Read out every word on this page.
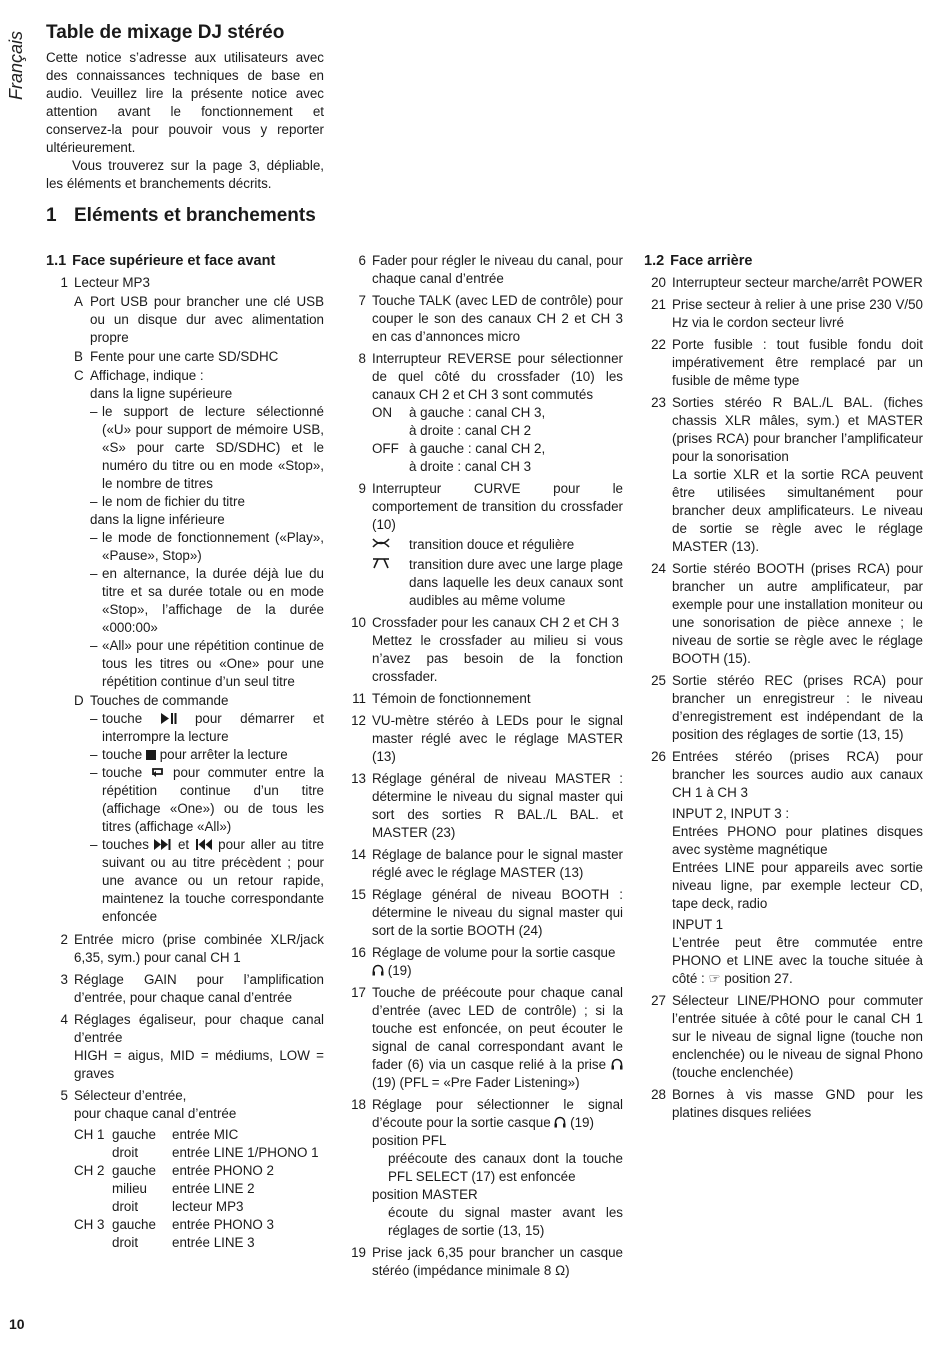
Français Table de mixage DJ stéréo

Cette notice s’adresse aux utilisateurs avec des connaissances techniques de base en audio. Veuillez lire la présente notice avec attention avant le fonctionnement et conservez-la pour pouvoir vous y reporter ultérieurement.

Vous trouverez sur la page 3, dépliable, les éléments et branchements décrits.

1 Eléments et branchements
1.1 Face supérieure et face avant
1 Lecteur MP3

A Port USB pour brancher une clé USB ou un disque dur avec alimentation propre
B Fente pour une carte SD/SDHC
C Affichage, indique :
dans la ligne supérieure
– le support de lecture sélectionné («U» pour support de mémoire USB, «S» pour carte SD/SDHC) et le numéro du titre ou en mode «Stop», le nombre de titres
– le nom de fichier du titre
dans la ligne inférieure
– le mode de fonctionnement («Play», «Pause», Stop»)
– en alternance, la durée déjà lue du titre et sa durée totale ou en mode «Stop», l’affichage de la durée «000:00»
– «All» pour une répétition continue de tous les titres ou «One» pour une répétition continue d’un seul titre
D Touches de commande
– touche	pour démarrer et interrompre la lecture
– touche pour arrêter la lecture
– touche pour commuter entre la répétition continue d’un titre (affichage «One») ou de tous les titres (affichage «All»)
– touches et pour aller au titre suivant ou au titre précèdent ; pour une avance ou un retour rapide, maintenez la touche correspondante enfoncée
2 Entrée micro (prise combinée XLR/jack 6,35, sym.) pour canal CH 1
3 Réglage GAIN pour l’amplification d’entrée, pour chaque canal d’entrée
4 Réglages égaliseur, pour chaque canal d’entrée

HIGH = aigus, MID = médiums, LOW = graves

5 Sélecteur d’entrée,

pour chaque canal d’entrée

CH 1 gauche	entrée MIC
droit	entrée LINE 1/PHONO 1
CH 2 gauche	entrée PHONO 2
milieu	entrée LINE 2
droit	lecteur MP3
CH 3 gauche	entrée PHONO 3
droit	entrée LINE 3
6 Fader pour régler le niveau du canal, pour chaque canal d’entrée
7 Touche TALK (avec LED de contrôle) pour couper le son des canaux CH 2 et CH 3 en cas d’annonces micro
8 Interrupteur REVERSE pour sélectionner de quel côté du crossfader (10) les canaux CH 2 et CH 3 sont commutés

ON	à gauche : canal CH 3,
à droite : canal CH 2
OFF à gauche : canal CH 2,
à droite : canal CH 3
9 Interrupteur CURVE pour le comportement de transition du crossfader (10)

transition douce et régulière
transition dure avec une large plage dans laquelle les deux canaux sont audibles au même volume
10 Crossfader pour les canaux CH 2 et CH 3

Mettez le crossfader au milieu si vous n’avez pas besoin de la fonction crossfader.

11 Témoin de fonctionnement
12 VU-mètre stéréo à LEDs pour le signal master réglé avec le réglage MASTER (13)
13 Réglage général de niveau MASTER : détermine le niveau du signal master qui sort des sorties R BAL./L BAL. et MASTER (23)
14 Réglage de balance pour le signal master réglé avec le réglage MASTER (13)
15 Réglage général de niveau BOOTH : détermine le niveau du signal master qui sort de la sortie BOOTH (24)
16 Réglage de volume pour la sortie casque
(19)
17 Touche de préécoute pour chaque canal d’entrée (avec LED de contrôle) ; si la touche est enfoncée, on peut écouter le signal de canal correspondant avant le fader (6) via un casque relié à la prise  (19) (PFL = «Pre Fader Listening»)
18 Réglage pour sélectionner le signal d’écoute pour la sortie casque (19)

position PFL

préécoute des canaux dont la touche PFL SELECT (17) est enfoncée

position MASTER

écoute du signal master avant les réglages de sortie (13, 15)

19 Prise jack 6,35 pour brancher un casque stéréo (impédance minimale 8 Ω)
1.2 Face arrière
20 Interrupteur secteur marche/arrêt POWER
21 Prise secteur à relier à une prise 230 V/50 Hz via le cordon secteur livré
22 Porte fusible : tout fusible fondu doit impérativement être remplacé par un fusible de même type
23 Sorties stéréo R BAL./L BAL. (fiches chassis XLR mâles, sym.) et MASTER (prises RCA) pour brancher l’amplificateur pour la sonorisation

La sortie XLR et la sortie RCA peuvent être utilisées simultanément pour brancher deux amplificateurs. Le niveau de sortie se règle avec le réglage MASTER (13).

24 Sortie stéréo BOOTH (prises RCA) pour brancher un autre amplificateur, par exemple pour une installation moniteur ou une sonorisation de pièce annexe ; le niveau de sortie se règle avec le réglage BOOTH (15).
25 Sortie stéréo REC (prises RCA) pour brancher un enregistreur : le niveau d’enregistrement est indépendant de la position des réglages de sortie (13, 15)
26 Entrées stéréo (prises RCA) pour brancher les sources audio aux canaux CH 1 à CH 3

INPUT 2, INPUT 3 :

Entrées PHONO pour platines disques avec système magnétique

Entrées LINE pour appareils avec sortie niveau ligne, par exemple lecteur CD, tape deck, radio

INPUT 1

L’entrée peut être commutée entre PHONO et LINE avec la touche située à côté : ☞ position 27.

27 Sélecteur LINE/PHONO pour commuter l’entrée située à côté pour le canal CH 1 sur le niveau de signal ligne (touche non enclenchée) ou le niveau de signal Phono (touche enclenchée)
28 Bornes à vis masse GND pour les platines disques reliées
10
